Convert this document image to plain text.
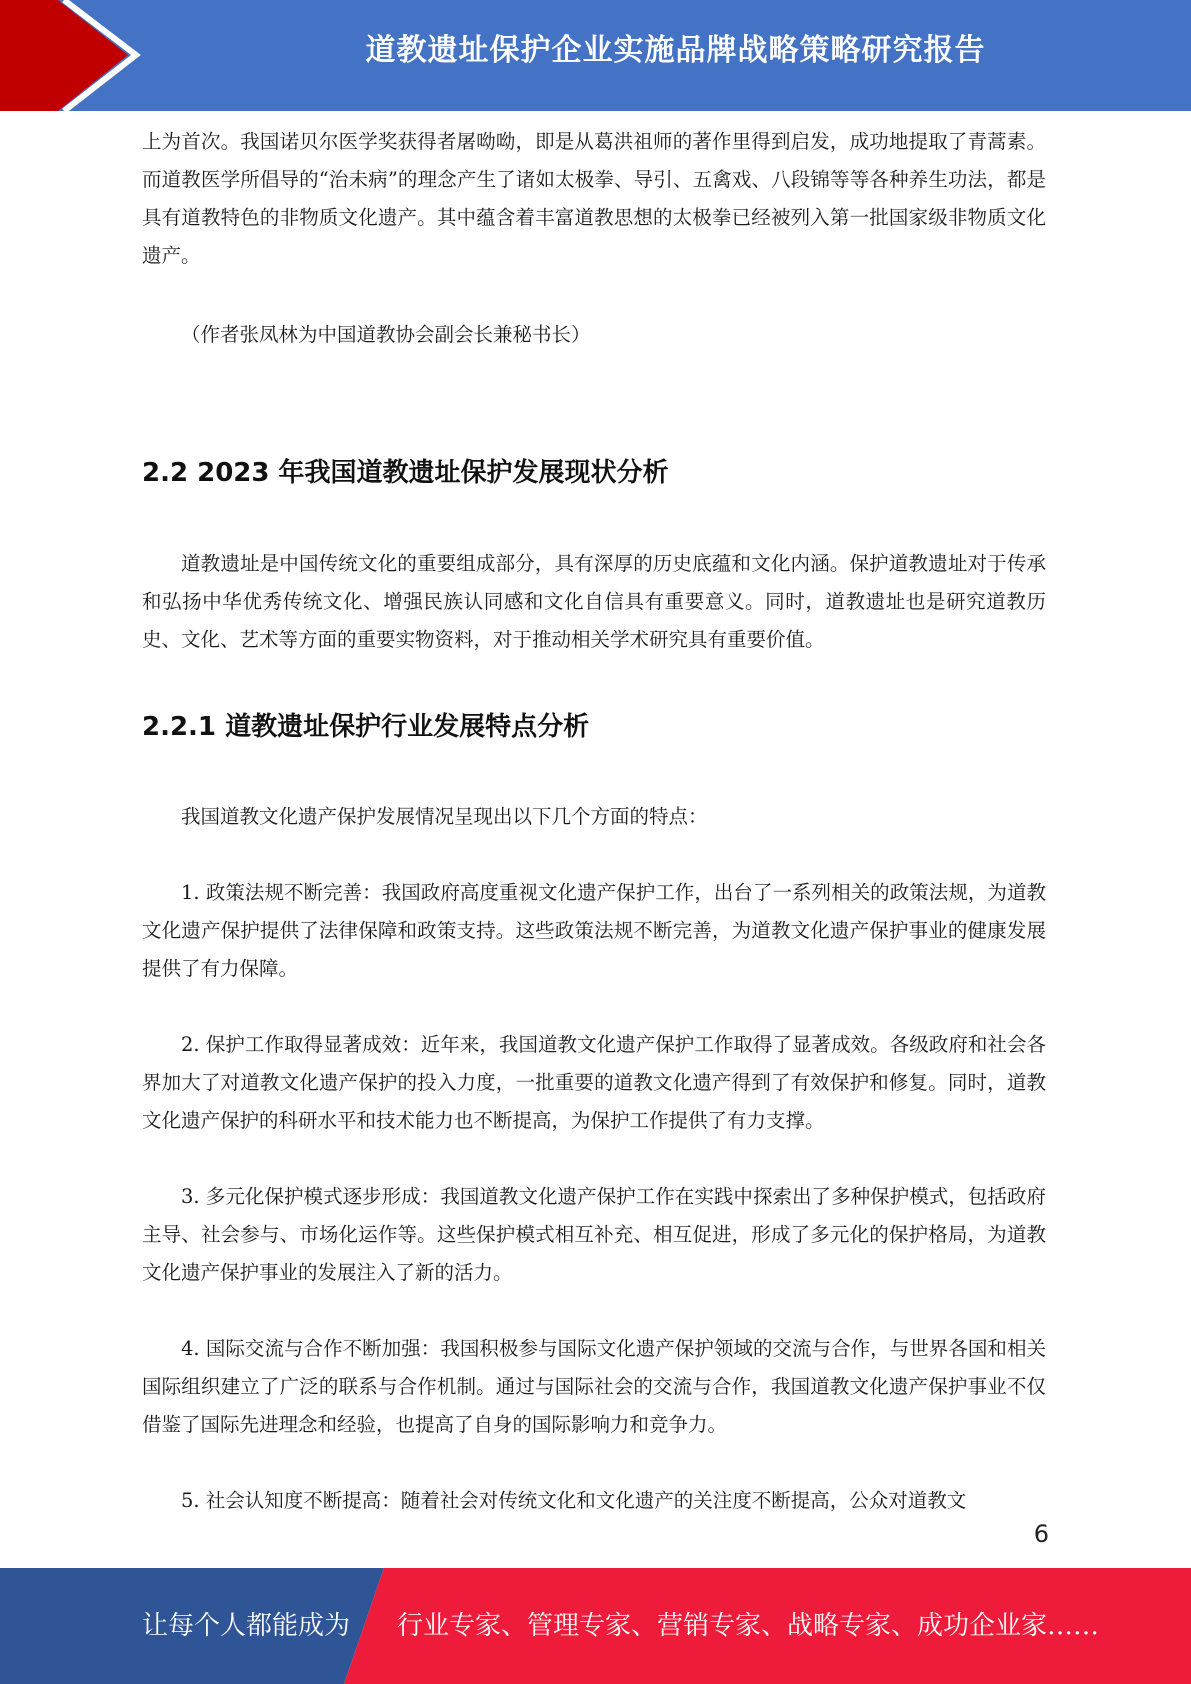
道教遗址保护企业实施品牌战略策略研究报告

上为首次。我国诺贝尔医学奖获得者屠呦呦，即是从葛洪祖师的著作里得到启发，成功地提取了青蒿素。而道教医学所倡导的“治未病”的理念产生了诸如太极拳、导引、五禽戏、八段锦等等各种养生功法，都是具有道教特色的非物质文化遗产。其中蕴含着丰富道教思想的太极拳已经被列入第一批国家级非物质文化遗产。

（作者张凤林为中国道教协会副会长兼秘书长）

2.2 2023 年我国道教遗址保护发展现状分析

道教遗址是中国传统文化的重要组成部分，具有深厚的历史底蕴和文化内涵。保护道教遗址对于传承和弘扬中华优秀传统文化、增强民族认同感和文化自信具有重要意义。同时，道教遗址也是研究道教历史、文化、艺术等方面的重要实物资料，对于推动相关学术研究具有重要价值。

2.2.1 道教遗址保护行业发展特点分析

我国道教文化遗产保护发展情况呈现出以下几个方面的特点：

1. 政策法规不断完善：我国政府高度重视文化遗产保护工作，出台了一系列相关的政策法规，为道教文化遗产保护提供了法律保障和政策支持。这些政策法规不断完善，为道教文化遗产保护事业的健康发展提供了有力保障。

2. 保护工作取得显著成效：近年来，我国道教文化遗产保护工作取得了显著成效。各级政府和社会各界加大了对道教文化遗产保护的投入力度，一批重要的道教文化遗产得到了有效保护和修复。同时，道教文化遗产保护的科研水平和技术能力也不断提高，为保护工作提供了有力支撑。

3. 多元化保护模式逐步形成：我国道教文化遗产保护工作在实践中探索出了多种保护模式，包括政府主导、社会参与、市场化运作等。这些保护模式相互补充、相互促进，形成了多元化的保护格局，为道教文化遗产保护事业的发展注入了新的活力。

4. 国际交流与合作不断加强：我国积极参与国际文化遗产保护领域的交流与合作，与世界各国和相关国际组织建立了广泛的联系与合作机制。通过与国际社会的交流与合作，我国道教文化遗产保护事业不仅借鉴了国际先进理念和经验，也提高了自身的国际影响力和竞争力。

5. 社会认知度不断提高：随着社会对传统文化和文化遗产的关注度不断提高，公众对道教文

6
让每个人都能成为 行业专家、管理专家、营销专家、战略专家、成功企业家……
